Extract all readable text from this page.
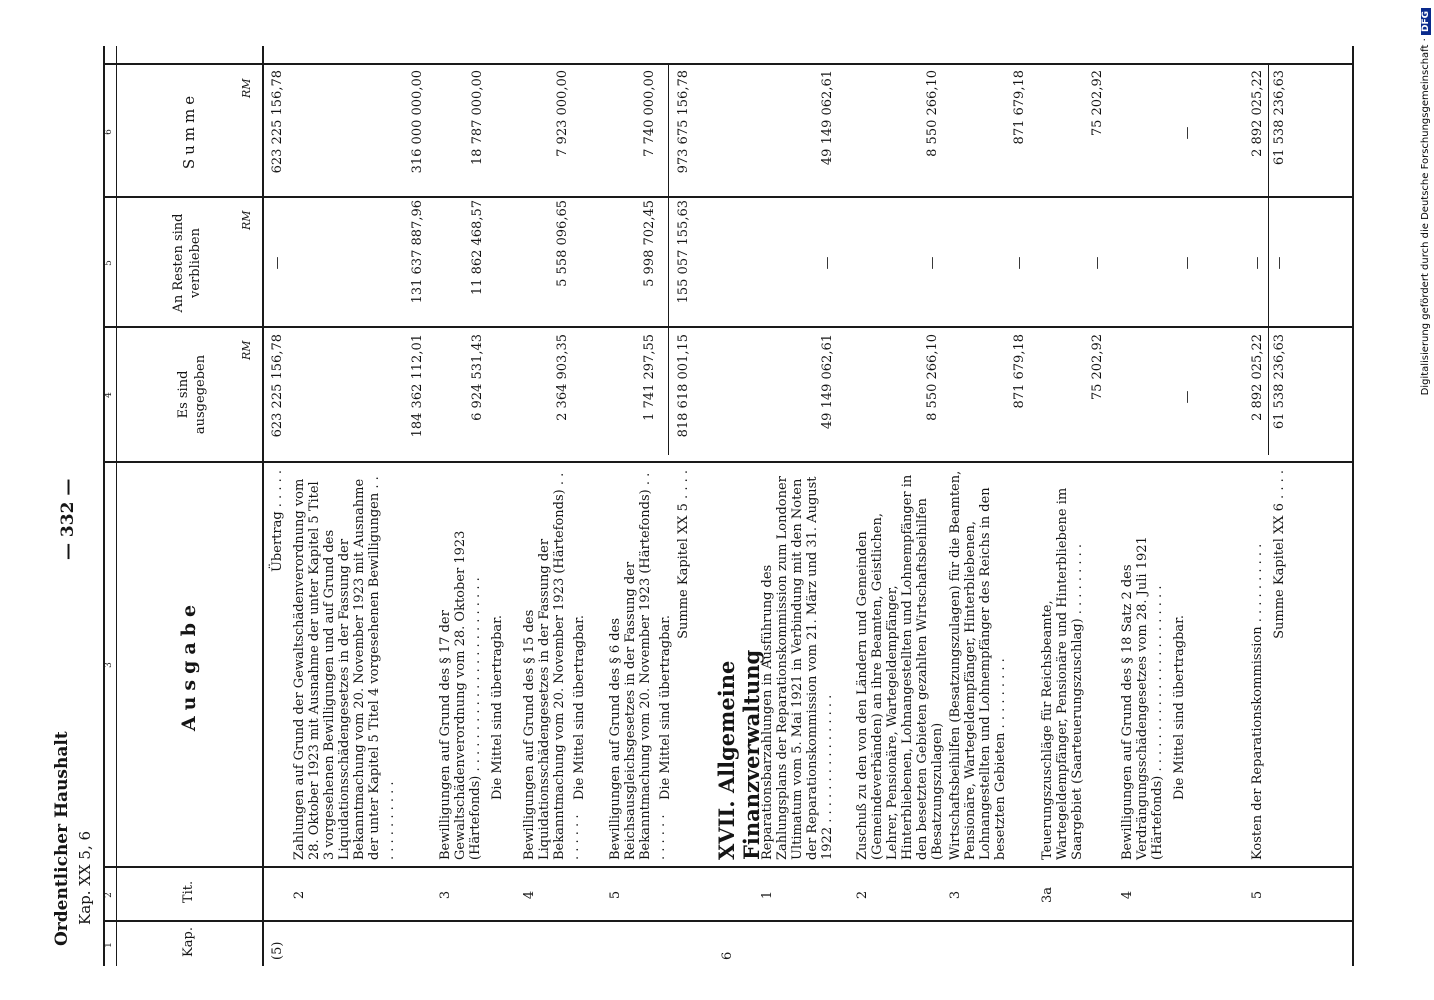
Ordentlicher Haushalt Kap. XX 5, 6
— 332 —
1
2
3
4
5
6
Kap.
Tit.
Ausgabe
Es sind ausgegeben
An Resten sind verblieben
Summe
RM
RM
RM
(5)
Übertrag . . . . .
623 225 156,78
—
623 225 156,78
2
Zahlungen auf Grund der Gewaltschädenverordnung vom 28. Oktober 1923 mit Ausnahme der unter Kapitel 5 Titel 3 vorgesehenen Bewilligungen und auf Grund des Liquidationsschädengesetzes in der Fassung der Bekanntmachung vom 20. November 1923 mit Ausnahme der unter Kapitel 5 Titel 4 vorgesehenen Bewilligungen . . . . . . . . . . . .
184 362 112,01
131 637 887,96
316 000 000,00
3
Bewilligungen auf Grund des § 17 der Gewaltschädenverordnung vom 28. Oktober 1923 (Härtefonds) . . . . . . . . . . . . . . . . . . . . . . . . Die Mittel sind übertragbar.
6 924 531,43
11 862 468,57
18 787 000,00
4
Bewilligungen auf Grund des § 15 des Liquidationsschädengesetzes in der Fassung der Bekanntmachung vom 20. November 1923 (Härtefonds) . . . . . . . .
Die Mittel sind übertragbar.
2 364 903,35
5 558 096,65
7 923 000,00
5
Bewilligungen auf Grund des § 6 des Reichsausgleichsgesetzes in der Fassung der Bekanntmachung vom 20. November 1923 (Härtefonds) . . . . . . . .
Die Mittel sind übertragbar.
1 741 297,55
5 998 702,45
7 740 000,00
Summe Kapitel XX 5 . . . .
818 618 001,15
155 057 155,63
973 675 156,78
6
XVII. Allgemeine Finanzverwaltung
1
Reparationsbarzahlungen in Ausführung des Zahlungsplans der Reparationskommission zum Londoner Ultimatum vom 5. Mai 1921 in Verbindung mit den Noten der Reparationskommission vom 21. März und 31. August 1922 . . . . . . . . . . . . . . . .
49 149 062,61
—
49 149 062,61
2
Zuschuß zu den von den Ländern und Gemeinden (Gemeindeverbänden) an ihre Beamten, Geistlichen, Lehrer, Pensionäre, Wartegeldempfänger, Hinterbliebenen, Lohnangestellten und Lohnempfänger in den besetzten Gebieten gezahlten Wirtschaftsbeihilfen (Besatzungszulagen)
8 550 266,10
—
8 550 266,10
3
Wirtschaftsbeihilfen (Besatzungszulagen) für die Beamten, Pensionäre, Wartegeldempfänger, Hinterbliebenen, Lohnangestellten und Lohnempfänger des Reichs in den besetzten Gebieten . . . . . . . . .
871 679,18
—
871 679,18
3a
Teuerungszuschläge für Reichsbeamte, Wartegeldempfänger, Pensionäre und Hinterbliebene im Saargebiet (Saarteuerungszuschlag) . . . . . . . . .
75 202,92
—
75 202,92
4
Bewilligungen auf Grund des § 18 Satz 2 des Verdrängungsschädengesetzes vom 28. Juli 1921 (Härtefonds) . . . . . . . . . . . . . . . . . . . . . . . Die Mittel sind übertragbar.
—
—
—
5
Kosten der Reparationskommission . . . . . . . . . .
2 892 025,22
—
2 892 025,22
Summe Kapitel XX 6 . . . .
61 538 236,63
—
61 538 236,63	Digitalisierung gefördert durch die Deutsche Forschungsgemeinschaft · DFG
